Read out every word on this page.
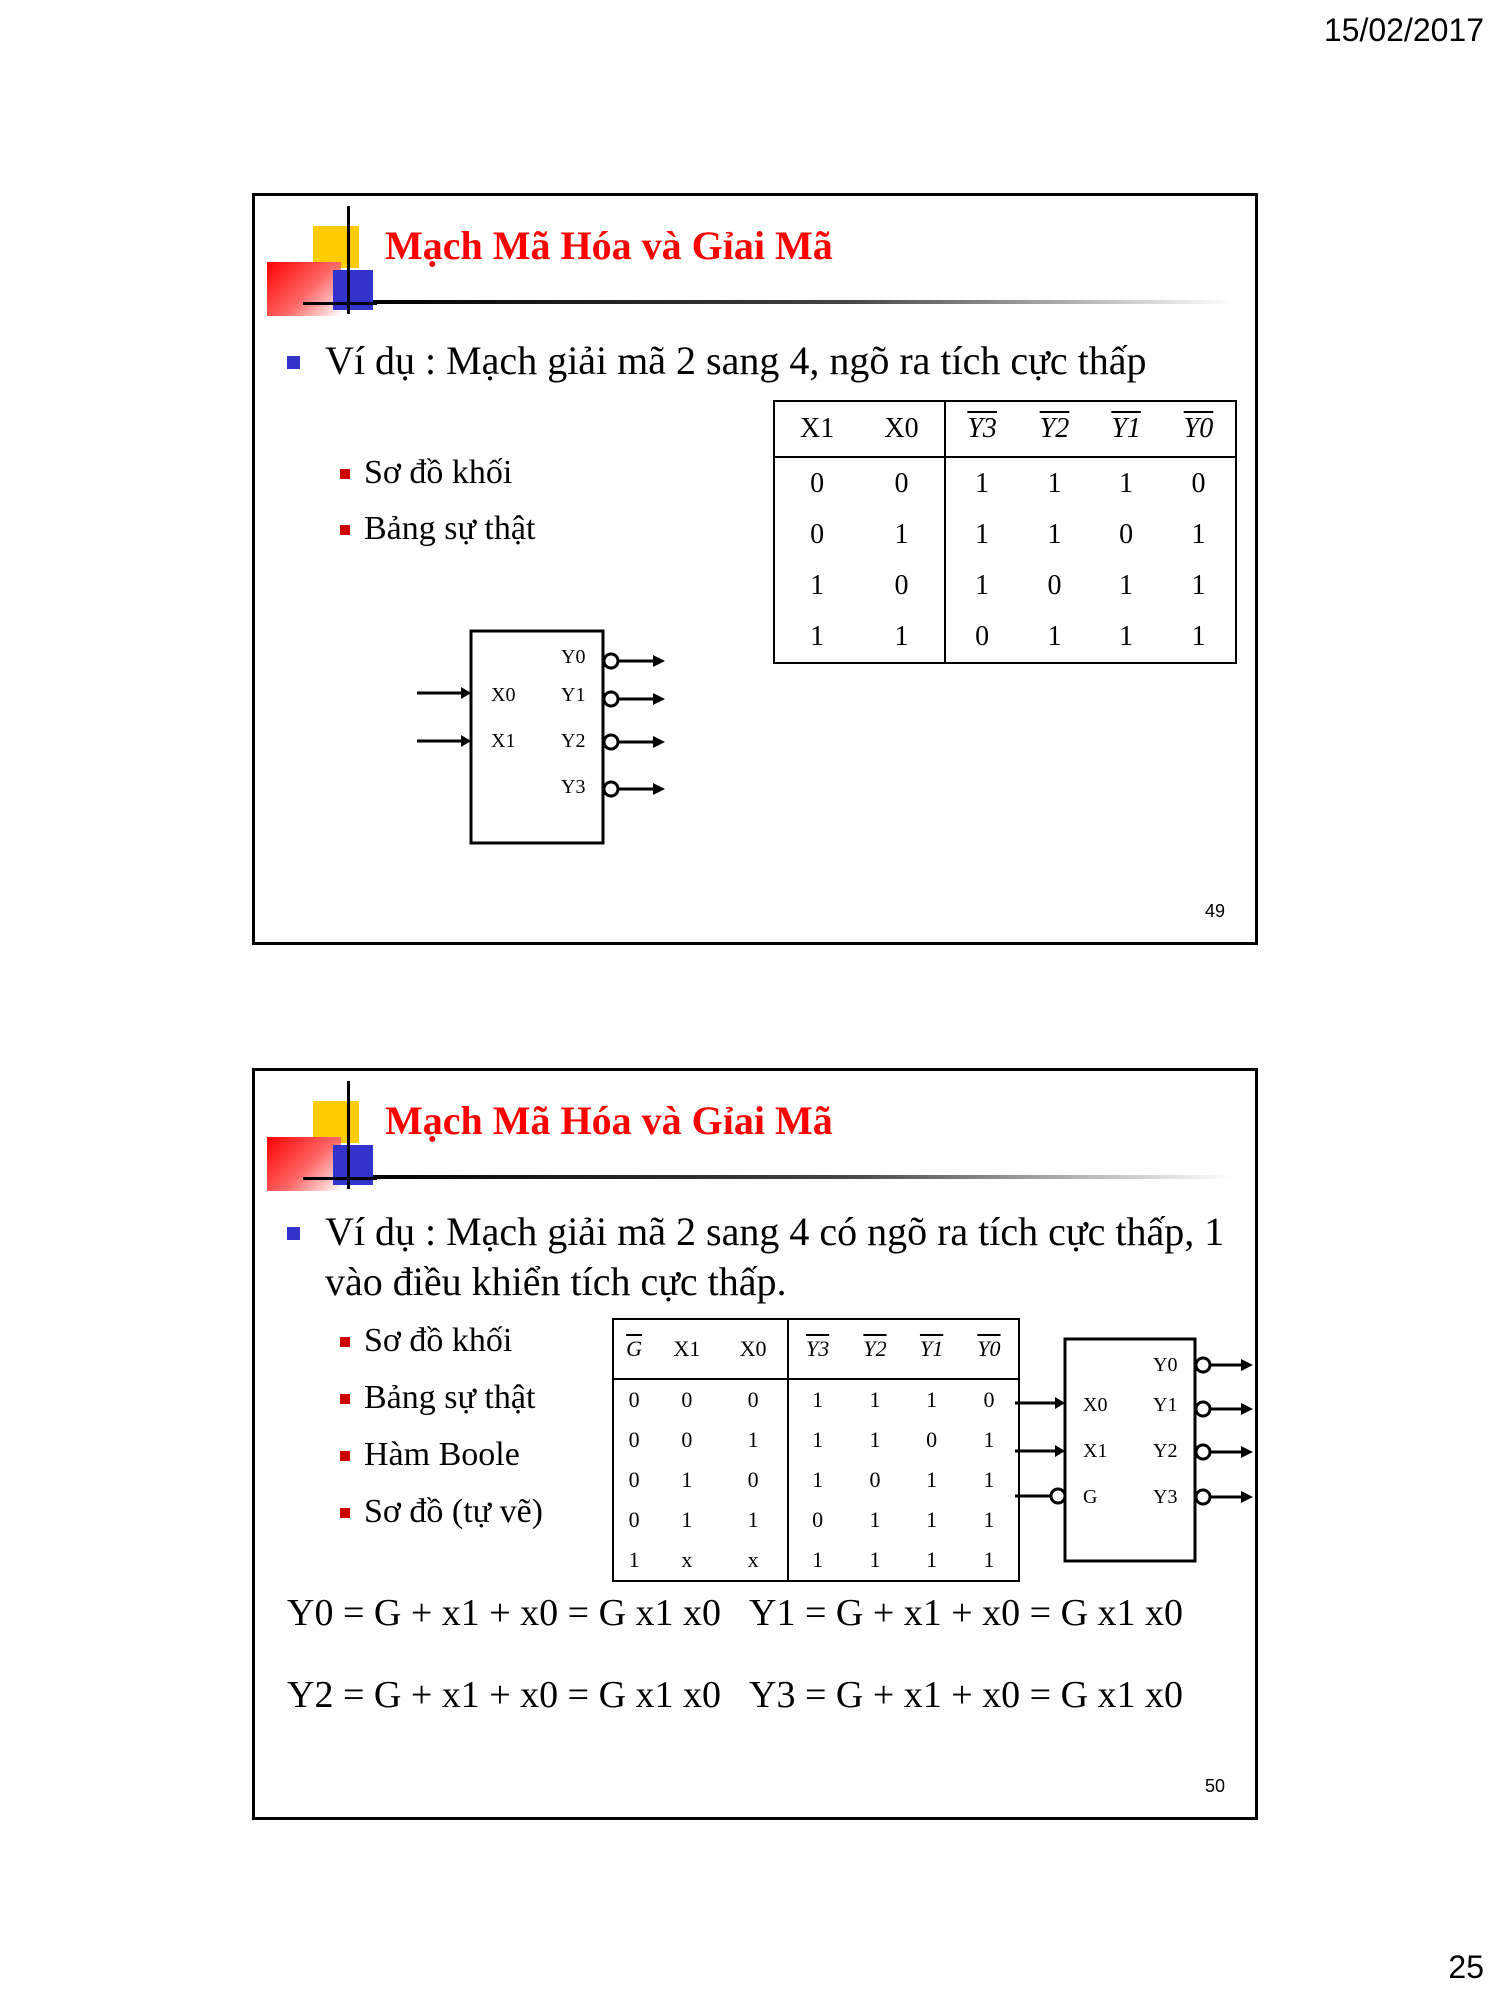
15/02/2017
Mạch Mã Hóa và Gỉai Mã
Ví dụ : Mạch giải mã 2 sang 4, ngõ ra tích cực thấp
Sơ đồ khối
Bảng sự thật
X1	X0	Y3	Y2	Y1	Y0
0	0	1	1	1	0
0	1	1	1	0	1
1	0	1	0	1	1
1	1	0	1	1	1
X0
X1
Y0
Y1
Y2
Y3
49
Mạch Mã Hóa và Gỉai Mã
Ví dụ : Mạch giải mã 2 sang 4 có ngõ ra tích cực thấp, 1 vào điều khiển tích cực thấp.
Sơ đồ khối
Bảng sự thật
Hàm Boole
Sơ đồ (tự vẽ)
$\overline{G}$	X1	X0	Y3	Y2	Y1	Y0
0	0	0	1	1	1	0
0	0	1	1	1	0	1
0	1	0	1	0	1	1
0	1	1	0	1	1	1
1	x	x	1	1	1	1
X0
X1
G
Y0
Y1
Y2
Y3
Y0 = G + x1 + x0 = G x1 x0 Y1 = G + x1 + x0 = G x1 x0
Y2 = G + x1 + x0 = G x1 x0 Y3 = G + x1 + x0 = G x1 x0
50
25
